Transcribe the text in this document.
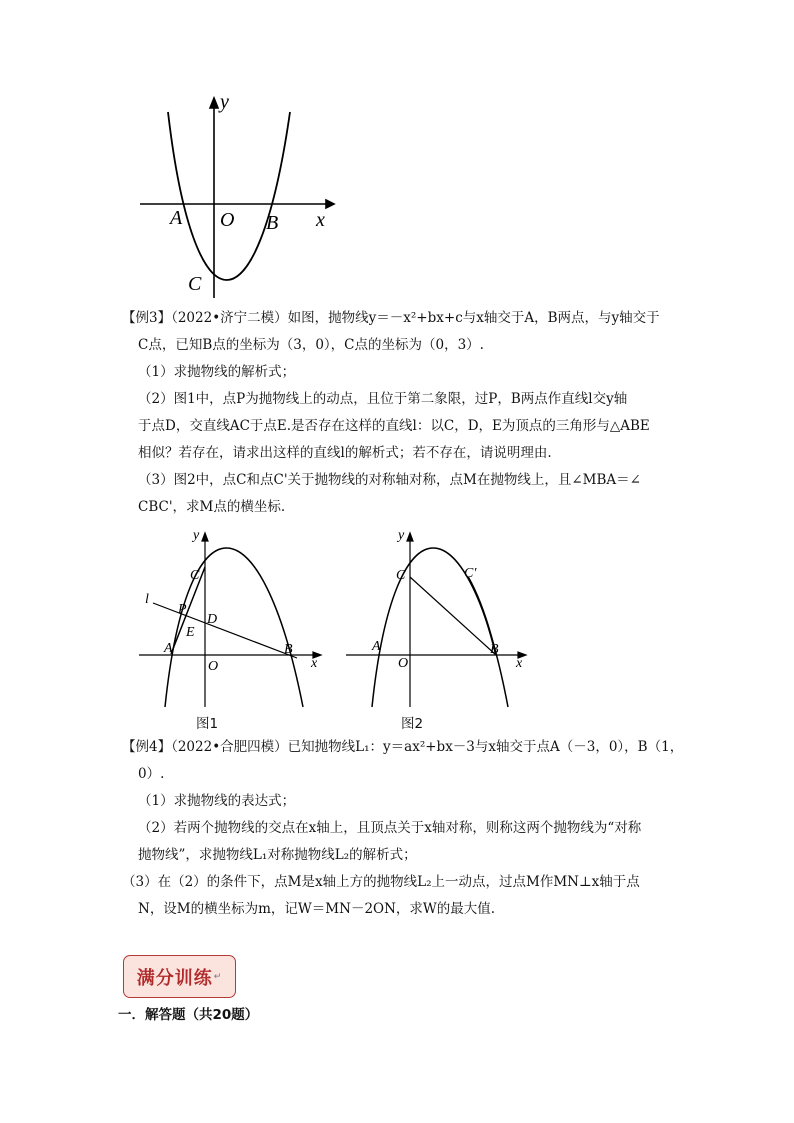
y
x
A O B
C
【例3】（2022•济宁二模）如图，抛物线y＝－x²+bx+c与x轴交于A，B两点，与y轴交于
C点，已知B点的坐标为（3，0），C点的坐标为（0，3）.
（1）求抛物线的解析式；
（2）图1中，点P为抛物线上的动点，且位于第二象限，过P，B两点作直线l交y轴
于点D，交直线AC于点E.是否存在这样的直线l：以C，D，E为顶点的三角形与△ABE
相似？若存在，请求出这样的直线l的解析式；若不存在，请说明理由.
（3）图2中，点C和点C'关于抛物线的对称轴对称，点M在抛物线上，且∠MBA＝∠
CBC'，求M点的横坐标.
y
x
C
l
P
D
E
A	B
O
y
x
C	C′
A
O
B
图1	图2
【例4】（2022•合肥四模）已知抛物线L₁：y＝ax²+bx－3与x轴交于点A（－3，0），B（1，
0）.
（1）求抛物线的表达式；
（2）若两个抛物线的交点在x轴上，且顶点关于x轴对称，则称这两个抛物线为“对称
抛物线”，求抛物线L₁对称抛物线L₂的解析式；
（3）在（2）的条件下，点M是x轴上方的抛物线L₂上一动点，过点M作MN⊥x轴于点
N，设M的横坐标为m，记W＝MN－2ON，求W的最大值.
满分训练 ↵
一．解答题（共20题）
